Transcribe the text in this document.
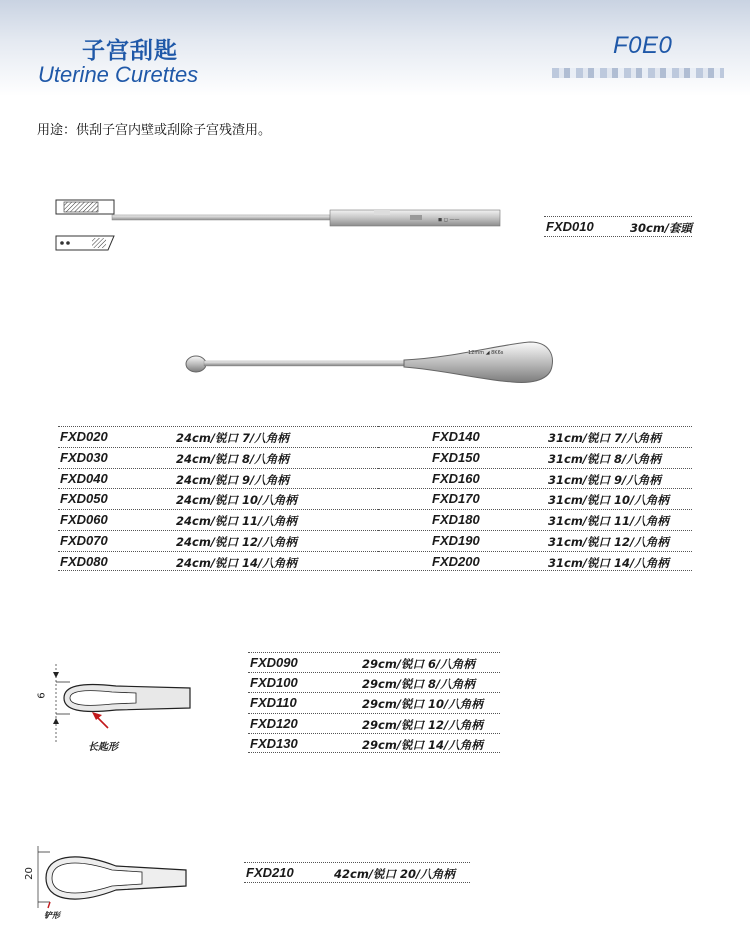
子宫刮匙
Uterine Curettes
F0E0
用途：供刮子宫内壁或刮除子宫残渣用。
◼ ◻ ——	FXD010	30cm/套頭
12mm ◢ 8K6s
6
长匙形
20
铲形
FXD210	42cm/锐口 20/八角柄
FXD020	24cm/锐口 7/八角柄
FXD030	24cm/锐口 8/八角柄
FXD040	24cm/锐口 9/八角柄
FXD050	24cm/锐口 10/八角柄
FXD060	24cm/锐口 11/八角柄
FXD070	24cm/锐口 12/八角柄
FXD080	24cm/锐口 14/八角柄
FXD140	31cm/锐口 7/八角柄
FXD150	31cm/锐口 8/八角柄
FXD160	31cm/锐口 9/八角柄
FXD170	31cm/锐口 10/八角柄
FXD180	31cm/锐口 11/八角柄
FXD190	31cm/锐口 12/八角柄
FXD200	31cm/锐口 14/八角柄
FXD090	29cm/锐口 6/八角柄
FXD100	29cm/锐口 8/八角柄
FXD110	29cm/锐口 10/八角柄
FXD120	29cm/锐口 12/八角柄
FXD130	29cm/锐口 14/八角柄
